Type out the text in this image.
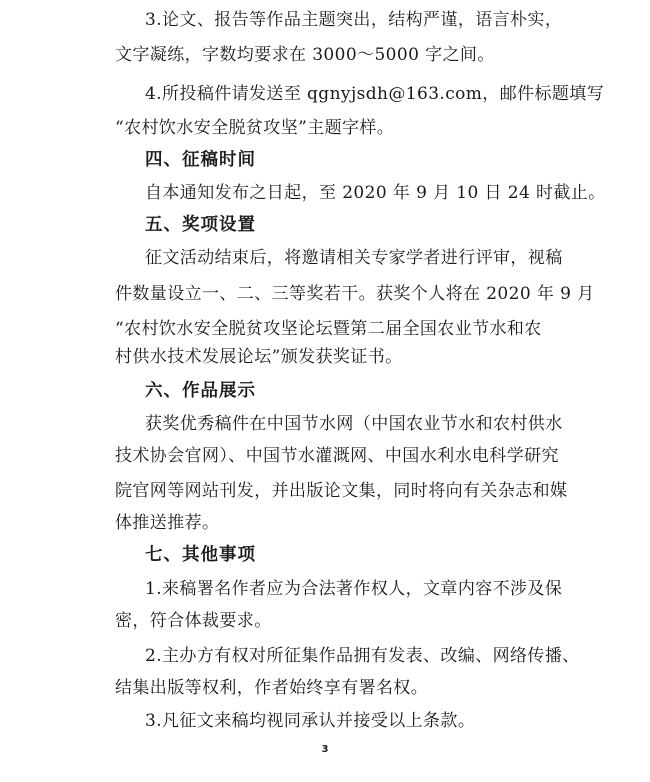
3.论文、报告等作品主题突出，结构严谨，语言朴实，
文字凝练，字数均要求在 3000～5000 字之间。
4.所投稿件请发送至 qgnyjsdh@163.com，邮件标题填写
“农村饮水安全脱贫攻坚”主题字样。
四、征稿时间
自本通知发布之日起，至 2020 年 9 月 10 日 24 时截止。
五、奖项设置
征文活动结束后，将邀请相关专家学者进行评审，视稿
件数量设立一、二、三等奖若干。获奖个人将在 2020 年 9 月
“农村饮水安全脱贫攻坚论坛暨第二届全国农业节水和农
村供水技术发展论坛”颁发获奖证书。
六、作品展示
获奖优秀稿件在中国节水网（中国农业节水和农村供水
技术协会官网）、中国节水灌溉网、中国水利水电科学研究
院官网等网站刊发，并出版论文集，同时将向有关杂志和媒
体推送推荐。
七、其他事项
1.来稿署名作者应为合法著作权人，文章内容不涉及保
密，符合体裁要求。
2.主办方有权对所征集作品拥有发表、改编、网络传播、
结集出版等权利，作者始终享有署名权。
3.凡征文来稿均视同承认并接受以上条款。
3
